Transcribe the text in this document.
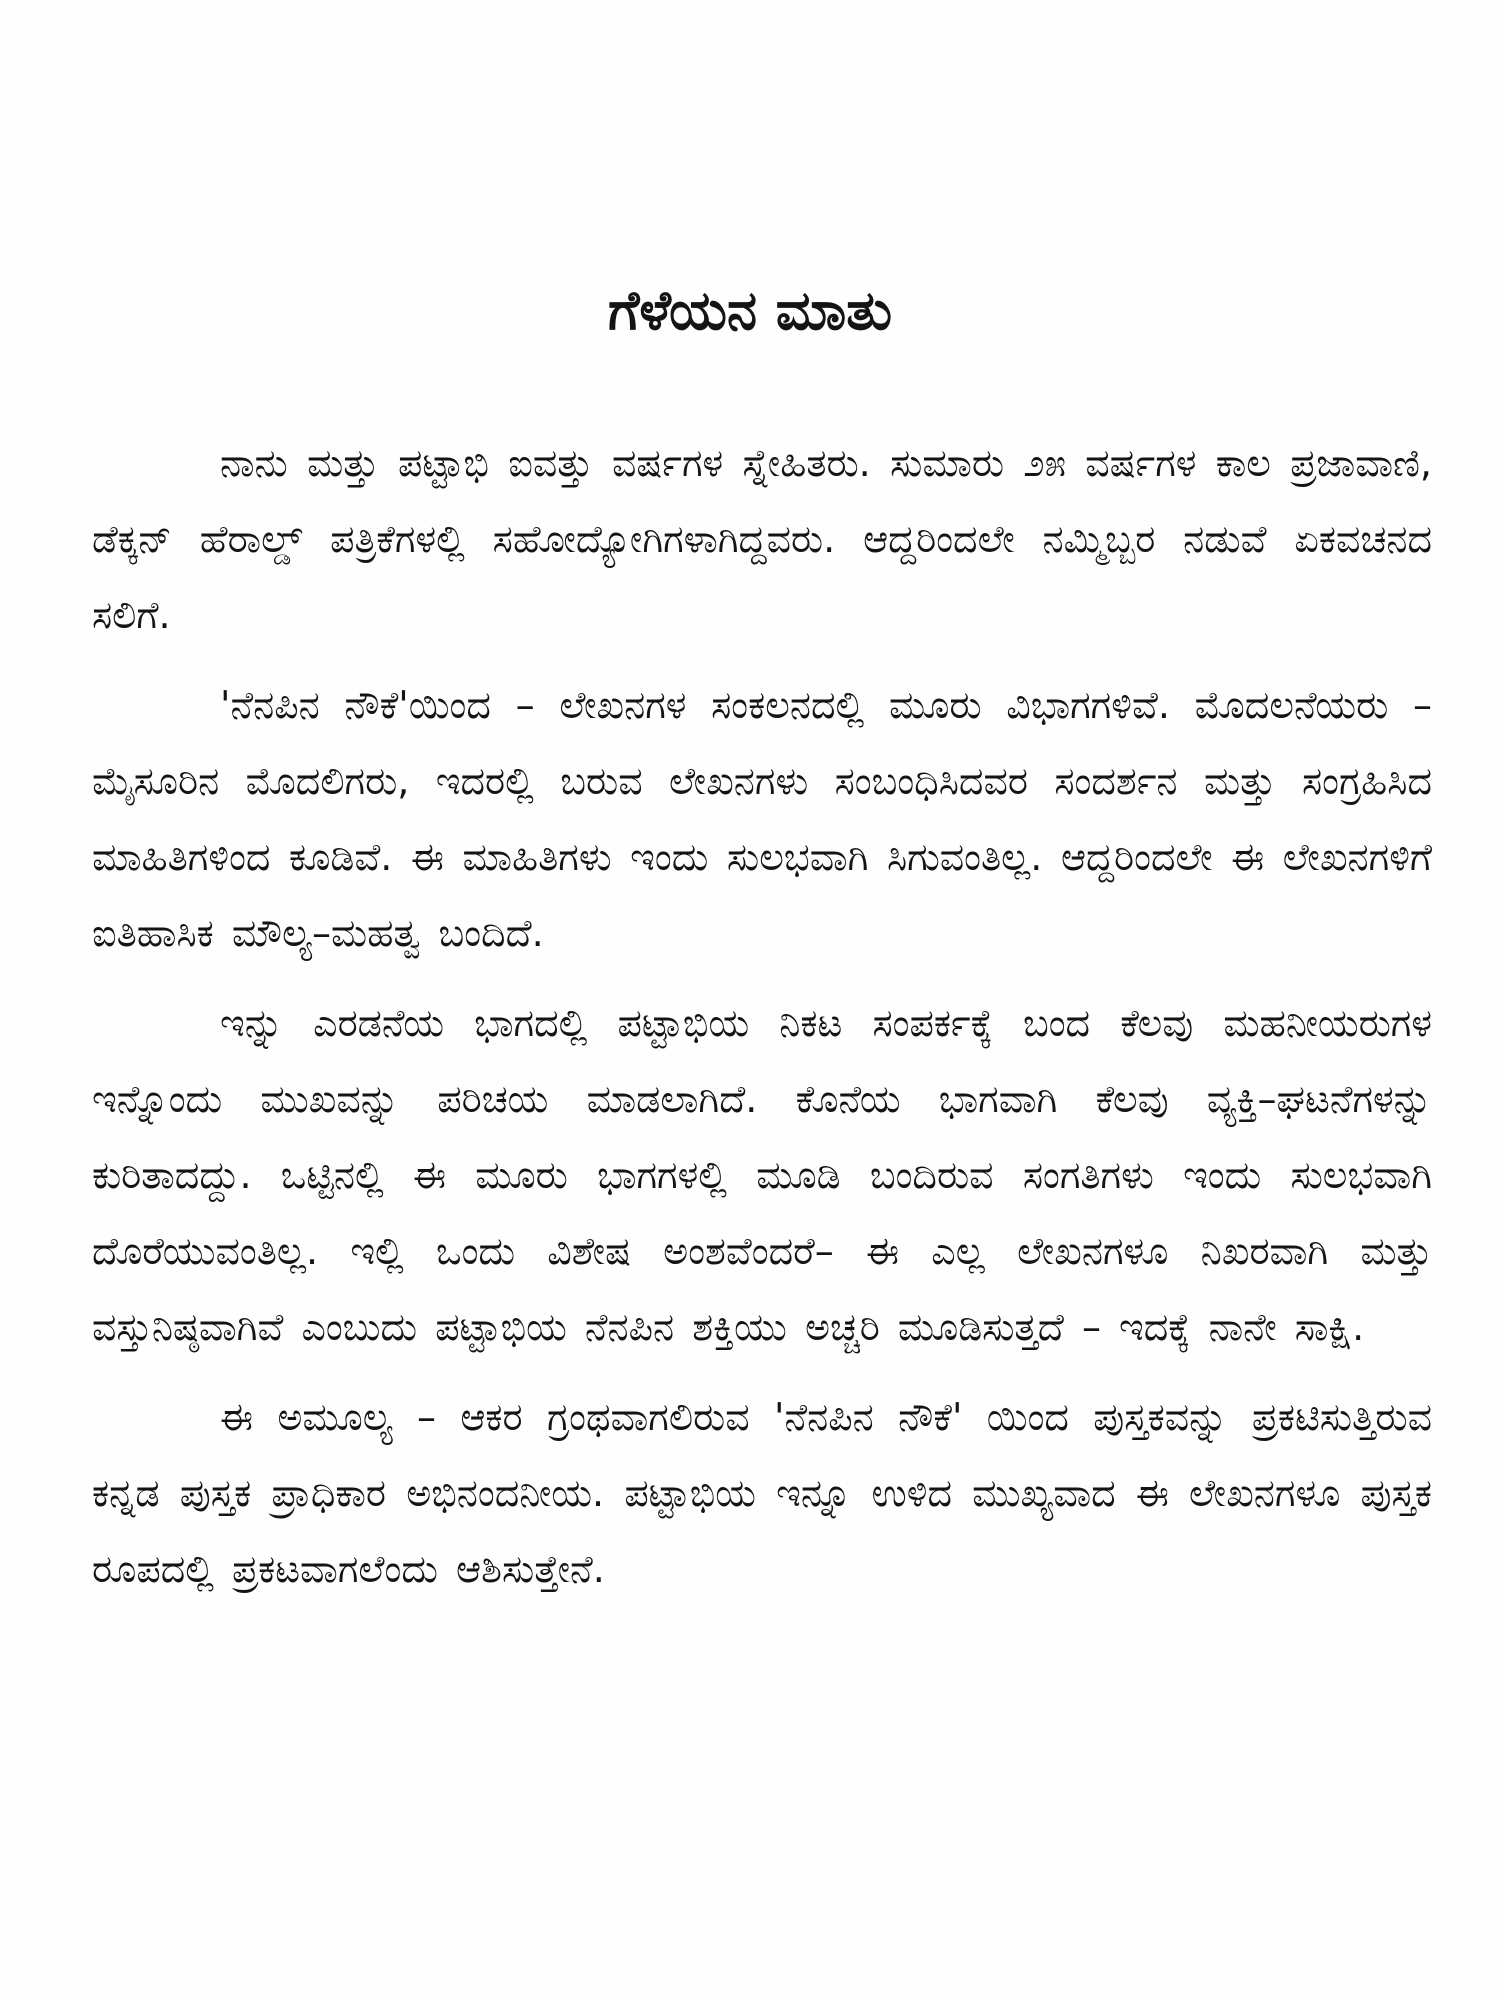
ಗೆಳೆಯನ ಮಾತು

ನಾನು ಮತ್ತು ಪಟ್ಟಾಭಿ ಐವತ್ತು ವರ್ಷಗಳ ಸ್ನೇಹಿತರು. ಸುಮಾರು ೨೫ ವರ್ಷಗಳ ಕಾಲ ಪ್ರಜಾವಾಣಿ, ಡೆಕ್ಕನ್ ಹೆರಾಲ್ಡ್ ಪತ್ರಿಕೆಗಳಲ್ಲಿ ಸಹೋದ್ಯೋಗಿಗಳಾಗಿದ್ದವರು. ಆದ್ದರಿಂದಲೇ ನಮ್ಮಿಬ್ಬರ ನಡುವೆ ಏಕವಚನದ ಸಲಿಗೆ.

'ನೆನಪಿನ ನೌಕೆ'ಯಿಂದ – ಲೇಖನಗಳ ಸಂಕಲನದಲ್ಲಿ ಮೂರು ವಿಭಾಗಗಳಿವೆ. ಮೊದಲನೆಯರು – ಮೈಸೂರಿನ ಮೊದಲಿಗರು, ಇದರಲ್ಲಿ ಬರುವ ಲೇಖನಗಳು ಸಂಬಂಧಿಸಿದವರ ಸಂದರ್ಶನ ಮತ್ತು ಸಂಗ್ರಹಿಸಿದ ಮಾಹಿತಿಗಳಿಂದ ಕೂಡಿವೆ. ಈ ಮಾಹಿತಿಗಳು ಇಂದು ಸುಲಭವಾಗಿ ಸಿಗುವಂತಿಲ್ಲ. ಆದ್ದರಿಂದಲೇ ಈ ಲೇಖನಗಳಿಗೆ ಐತಿಹಾಸಿಕ ಮೌಲ್ಯ–ಮಹತ್ವ ಬಂದಿದೆ.

ಇನ್ನು ಎರಡನೆಯ ಭಾಗದಲ್ಲಿ ಪಟ್ಟಾಭಿಯ ನಿಕಟ ಸಂಪರ್ಕಕ್ಕೆ ಬಂದ ಕೆಲವು ಮಹನೀಯರುಗಳ ಇನ್ನೊಂದು ಮುಖವನ್ನು ಪರಿಚಯ ಮಾಡಲಾಗಿದೆ. ಕೊನೆಯ ಭಾಗವಾಗಿ ಕೆಲವು ವ್ಯಕ್ತಿ–ಘಟನೆಗಳನ್ನು ಕುರಿತಾದದ್ದು. ಒಟ್ಟಿನಲ್ಲಿ ಈ ಮೂರು ಭಾಗಗಳಲ್ಲಿ ಮೂಡಿ ಬಂದಿರುವ ಸಂಗತಿಗಳು ಇಂದು ಸುಲಭವಾಗಿ ದೊರೆಯುವಂತಿಲ್ಲ. ಇಲ್ಲಿ ಒಂದು ವಿಶೇಷ ಅಂಶವೆಂದರೆ– ಈ ಎಲ್ಲ ಲೇಖನಗಳೂ ನಿಖರವಾಗಿ ಮತ್ತು ವಸ್ತುನಿಷ್ಠವಾಗಿವೆ ಎಂಬುದು ಪಟ್ಟಾಭಿಯ ನೆನಪಿನ ಶಕ್ತಿಯು ಅಚ್ಚರಿ ಮೂಡಿಸುತ್ತದೆ – ಇದಕ್ಕೆ ನಾನೇ ಸಾಕ್ಷಿ.

ಈ ಅಮೂಲ್ಯ – ಆಕರ ಗ್ರಂಥವಾಗಲಿರುವ 'ನೆನಪಿನ ನೌಕೆ' ಯಿಂದ ಪುಸ್ತಕವನ್ನು ಪ್ರಕಟಿಸುತ್ತಿರುವ ಕನ್ನಡ ಪುಸ್ತಕ ಪ್ರಾಧಿಕಾರ ಅಭಿನಂದನೀಯ. ಪಟ್ಟಾಭಿಯ ಇನ್ನೂ ಉಳಿದ ಮುಖ್ಯವಾದ ಈ ಲೇಖನಗಳೂ ಪುಸ್ತಕ ರೂಪದಲ್ಲಿ ಪ್ರಕಟವಾಗಲೆಂದು ಆಶಿಸುತ್ತೇನೆ.
